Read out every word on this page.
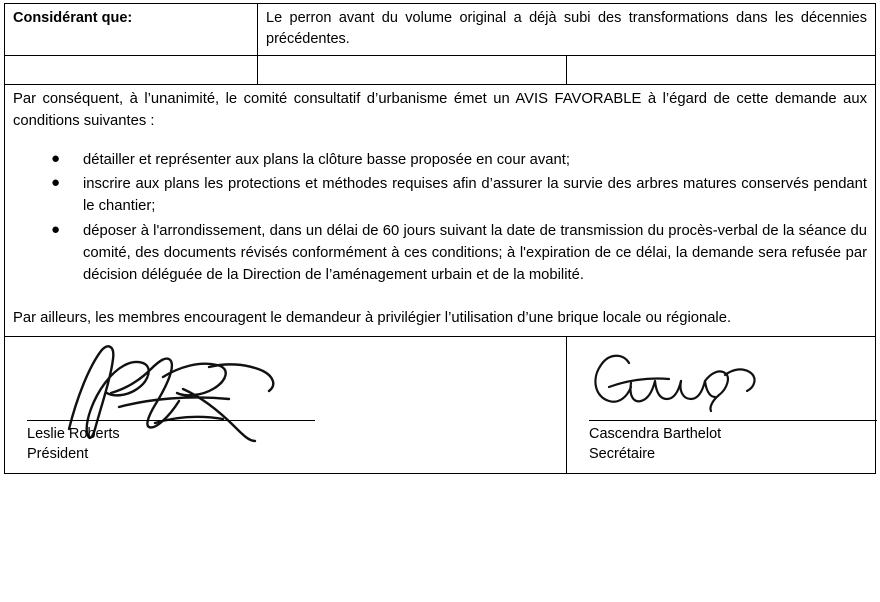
Considérant que:	Le perron avant du volume original a déjà subi des transformations dans les décennies précédentes.	

Par conséquent, à l’unanimité, le comité consultatif d’urbanisme émet un AVIS FAVORABLE à l’égard de cette demande aux conditions suivantes :

● détailler et représenter aux plans la clôture basse proposée en cour avant;
● inscrire aux plans les protections et méthodes requises afin d’assurer la survie des arbres matures conservés pendant le chantier;
● déposer à l'arrondissement, dans un délai de 60 jours suivant la date de transmission du procès-verbal de la séance du comité, des documents révisés conformément à ces conditions; à l'expiration de ce délai, la demande sera refusée par décision déléguée de la Direction de l’aménagement urbain et de la mobilité.

Par ailleurs, les membres encouragent le demandeur à privilégier l’utilisation d’une brique locale ou régionale.

Leslie Roberts
Président

Cascendra Barthelot
Secrétaire
